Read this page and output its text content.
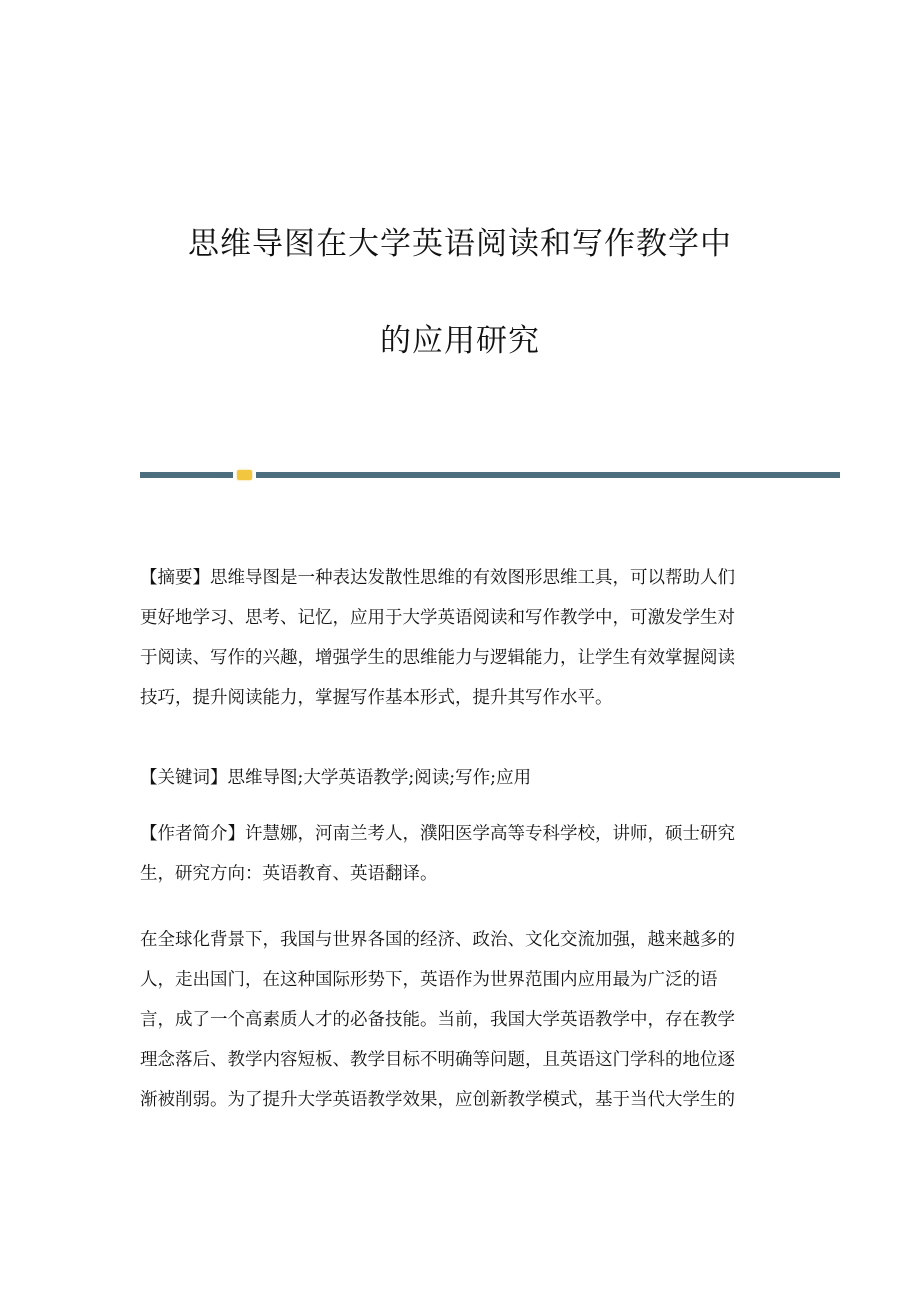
思维导图在大学英语阅读和写作教学中
的应用研究
【摘要】思维导图是一种表达发散性思维的有效图形思维工具，可以帮助人们
更好地学习、思考、记忆，应用于大学英语阅读和写作教学中，可激发学生对
于阅读、写作的兴趣，增强学生的思维能力与逻辑能力，让学生有效掌握阅读
技巧，提升阅读能力，掌握写作基本形式，提升其写作水平。
【关键词】思维导图;大学英语教学;阅读;写作;应用
【作者简介】许慧娜，河南兰考人，濮阳医学高等专科学校，讲师，硕士研究
生，研究方向：英语教育、英语翻译。
在全球化背景下，我国与世界各国的经济、政治、文化交流加强，越来越多的
人，走出国门，在这种国际形势下，英语作为世界范围内应用最为广泛的语
言，成了一个高素质人才的必备技能。当前，我国大学英语教学中，存在教学
理念落后、教学内容短板、教学目标不明确等问题，且英语这门学科的地位逐
渐被削弱。为了提升大学英语教学效果，应创新教学模式，基于当代大学生的
